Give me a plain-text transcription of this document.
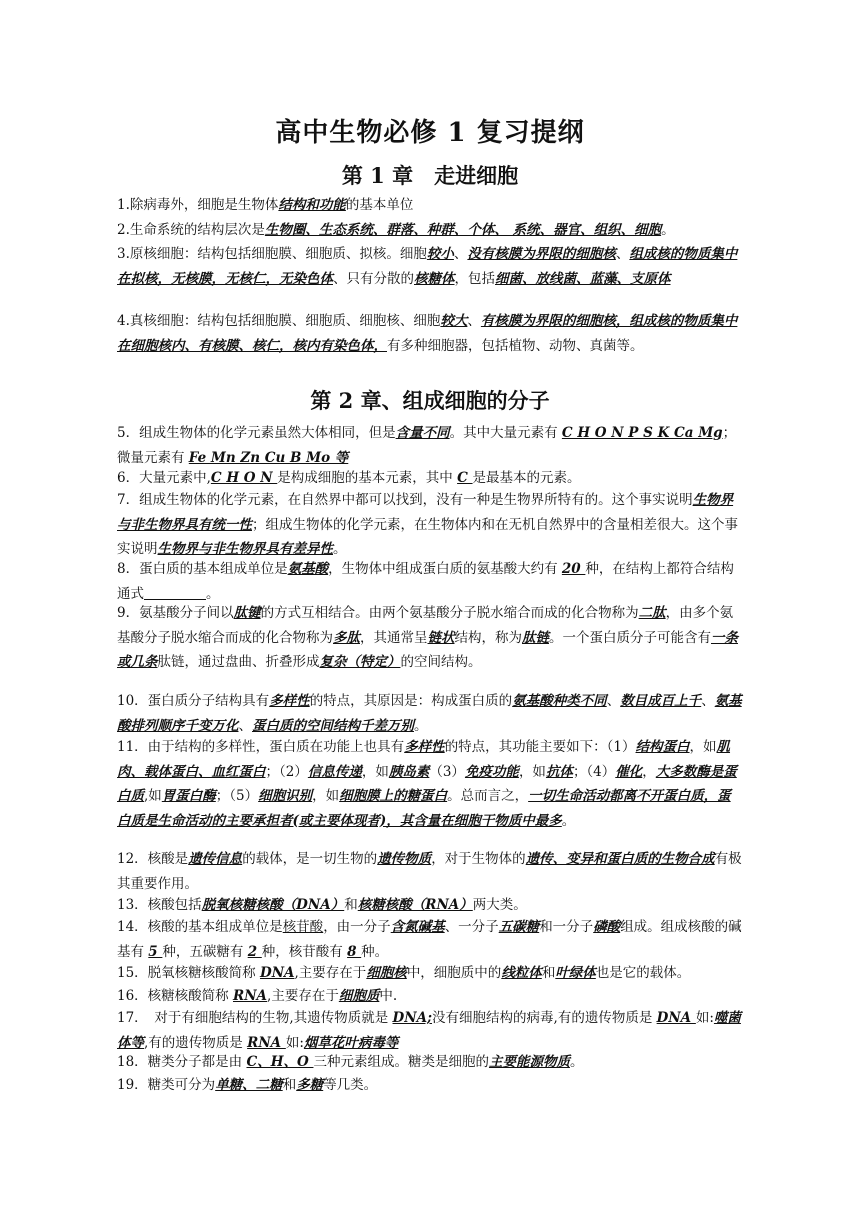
高中生物必修 1 复习提纲
第 1 章　走进细胞
1.除病毒外，细胞是生物体结构和功能的基本单位
2.生命系统的结构层次是生物圈、生态系统、群落、种群、个体、 系统、器官、组织、细胞。
3.原核细胞：结构包括细胞膜、细胞质、拟核。细胞较小、没有核膜为界限的细胞核、组成核的物质集中在拟核，无核膜，无核仁，无染色体、只有分散的核糖体，包括细菌、放线菌、蓝藻、支原体
4.真核细胞：结构包括细胞膜、细胞质、细胞核、细胞较大、有核膜为界限的细胞核，组成核的物质集中在细胞核内、有核膜、核仁，核内有染色体，有多种细胞器，包括植物、动物、真菌等。
第 2 章、组成细胞的分子
5．组成生物体的化学元素虽然大体相同，但是含量不同。其中大量元素有 C H O N P S K Ca Mg；微量元素有 Fe Mn Zn Cu B Mo 等
6．大量元素中,C H O N 是构成细胞的基本元素，其中 C 是最基本的元素。
7．组成生物体的化学元素，在自然界中都可以找到，没有一种是生物界所特有的。这个事实说明生物界与非生物界具有统一性；组成生物体的化学元素，在生物体内和在无机自然界中的含量相差很大。这个事实说明生物界与非生物界具有差异性。
8．蛋白质的基本组成单位是氨基酸，生物体中组成蛋白质的氨基酸大约有 20 种，在结构上都符合结构通式	。
9．氨基酸分子间以肽键的方式互相结合。由两个氨基酸分子脱水缩合而成的化合物称为二肽，由多个氨基酸分子脱水缩合而成的化合物称为多肽，其通常呈链状结构，称为肽链。一个蛋白质分子可能含有一条或几条肽链，通过盘曲、折叠形成复杂（特定）的空间结构。
10．蛋白质分子结构具有多样性的特点，其原因是：构成蛋白质的氨基酸种类不同、数目成百上千、氨基酸排列顺序千变万化、蛋白质的空间结构千差万别。
11．由于结构的多样性，蛋白质在功能上也具有多样性的特点，其功能主要如下：（1）结构蛋白，如肌肉、载体蛋白、血红蛋白；（2）信息传递，如胰岛素（3）免疫功能，如抗体；（4）催化，大多数酶是蛋白质,如胃蛋白酶；（5）细胞识别，如细胞膜上的糖蛋白。总而言之，一切生命活动都离不开蛋白质，蛋白质是生命活动的主要承担者(或主要体现者)，其含量在细胞干物质中最多。
12．核酸是遗传信息的载体，是一切生物的遗传物质，对于生物体的遗传、变异和蛋白质的生物合成有极其重要作用。
13．核酸包括脱氧核糖核酸（DNA）和核糖核酸（RNA）两大类。
14．核酸的基本组成单位是核苷酸，由一分子含氮碱基、一分子五碳糖和一分子磷酸组成。组成核酸的碱基有 5 种，五碳糖有 2 种，核苷酸有 8 种。
15．脱氧核糖核酸简称 DNA,主要存在于细胞核中，细胞质中的线粒体和叶绿体也是它的载体。
16．核糖核酸简称 RNA,主要存在于细胞质中.
17．　对于有细胞结构的生物,其遗传物质就是 DNA;没有细胞结构的病毒,有的遗传物质是 DNA 如:噬菌体等,有的遗传物质是 RNA 如:烟草花叶病毒等
18．糖类分子都是由 C、H、O 三种元素组成。糖类是细胞的主要能源物质。
19．糖类可分为单糖、二糖和多糖等几类。
